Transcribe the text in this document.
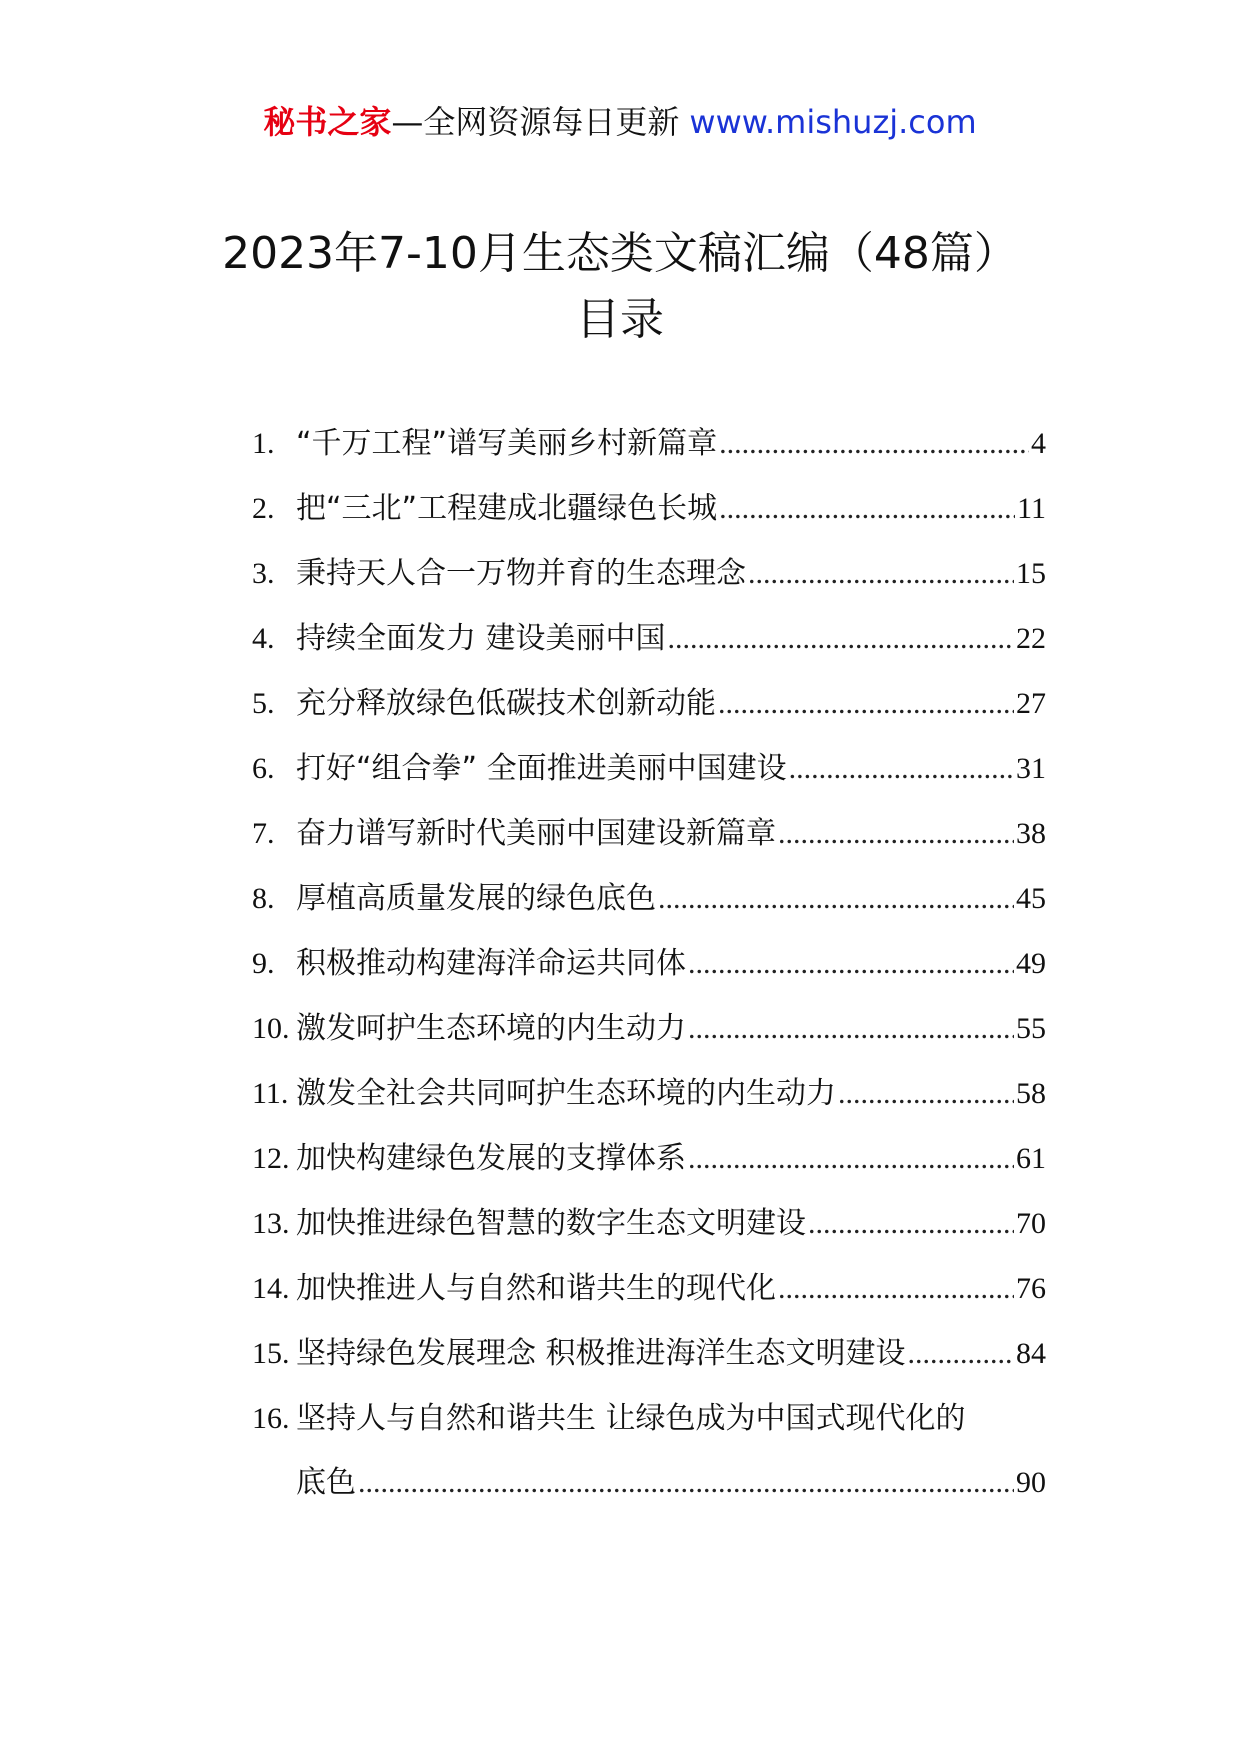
秘书之家—全网资源每日更新 www.mishuzj.com
2023年7-10月生态类文稿汇编（48篇）
目录
1. “千万工程”谱写美丽乡村新篇章 .....	4
2. 把“三北”工程建成北疆绿色长城 .....	11
3. 秉持天人合一万物并育的生态理念 .....	15
4. 持续全面发力 建设美丽中国 .....	22
5. 充分释放绿色低碳技术创新动能 .....	27
6. 打好“组合拳” 全面推进美丽中国建设 .....	31
7. 奋力谱写新时代美丽中国建设新篇章 .....	38
8. 厚植高质量发展的绿色底色 .....	45
9. 积极推动构建海洋命运共同体 .....	49
10. 激发呵护生态环境的内生动力 .....	55
11. 激发全社会共同呵护生态环境的内生动力 .....	58
12. 加快构建绿色发展的支撑体系 .....	61
13. 加快推进绿色智慧的数字生态文明建设 .....	70
14. 加快推进人与自然和谐共生的现代化 .....	76
15. 坚持绿色发展理念 积极推进海洋生态文明建设 .....	84
16. 坚持人与自然和谐共生 让绿色成为中国式现代化的
底色 .....	90
